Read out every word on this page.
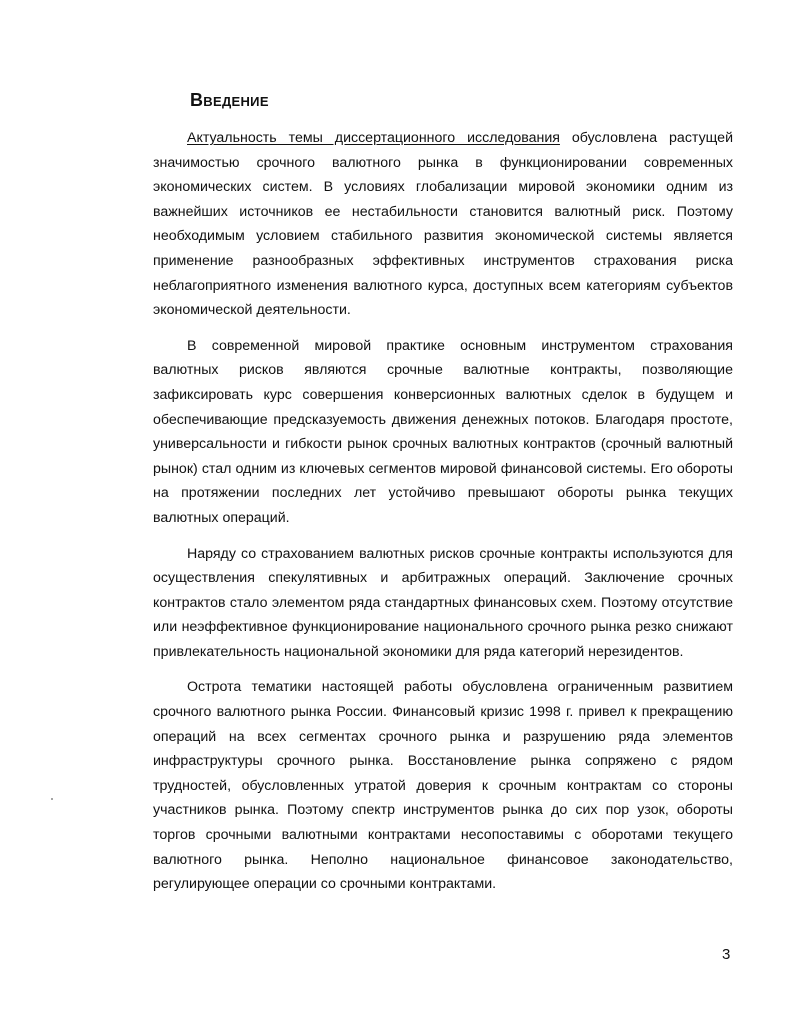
Введение

Актуальность темы диссертационного исследования обусловлена растущей значимостью срочного валютного рынка в функционировании современных экономических систем. В условиях глобализации мировой экономики одним из важнейших источников ее нестабильности становится валютный риск. Поэтому необходимым условием стабильного развития экономической системы является применение разнообразных эффективных инструментов страхования риска неблагоприятного изменения валютного курса, доступных всем категориям субъектов экономической деятельности.

В современной мировой практике основным инструментом страхования валютных рисков являются срочные валютные контракты, позволяющие зафиксировать курс совершения конверсионных валютных сделок в будущем и обеспечивающие предсказуемость движения денежных потоков. Благодаря простоте, универсальности и гибкости рынок срочных валютных контрактов (срочный валютный рынок) стал одним из ключевых сегментов мировой финансовой системы. Его обороты на протяжении последних лет устойчиво превышают обороты рынка текущих валютных операций.

Наряду со страхованием валютных рисков срочные контракты используются для осуществления спекулятивных и арбитражных операций. Заключение срочных контрактов стало элементом ряда стандартных финансовых схем. Поэтому отсутствие или неэффективное функционирование национального срочного рынка резко снижают привлекательность национальной экономики для ряда категорий нерезидентов.

Острота тематики настоящей работы обусловлена ограниченным развитием срочного валютного рынка России. Финансовый кризис 1998 г. привел к прекращению операций на всех сегментах срочного рынка и разрушению ряда элементов инфраструктуры срочного рынка. Восстановление рынка сопряжено с рядом трудностей, обусловленных утратой доверия к срочным контрактам со стороны участников рынка. Поэтому спектр инструментов рынка до сих пор узок, обороты торгов срочными валютными контрактами несопоставимы с оборотами текущего валютного рынка. Неполно национальное финансовое законодательство, регулирующее операции со срочными контрактами.

3
